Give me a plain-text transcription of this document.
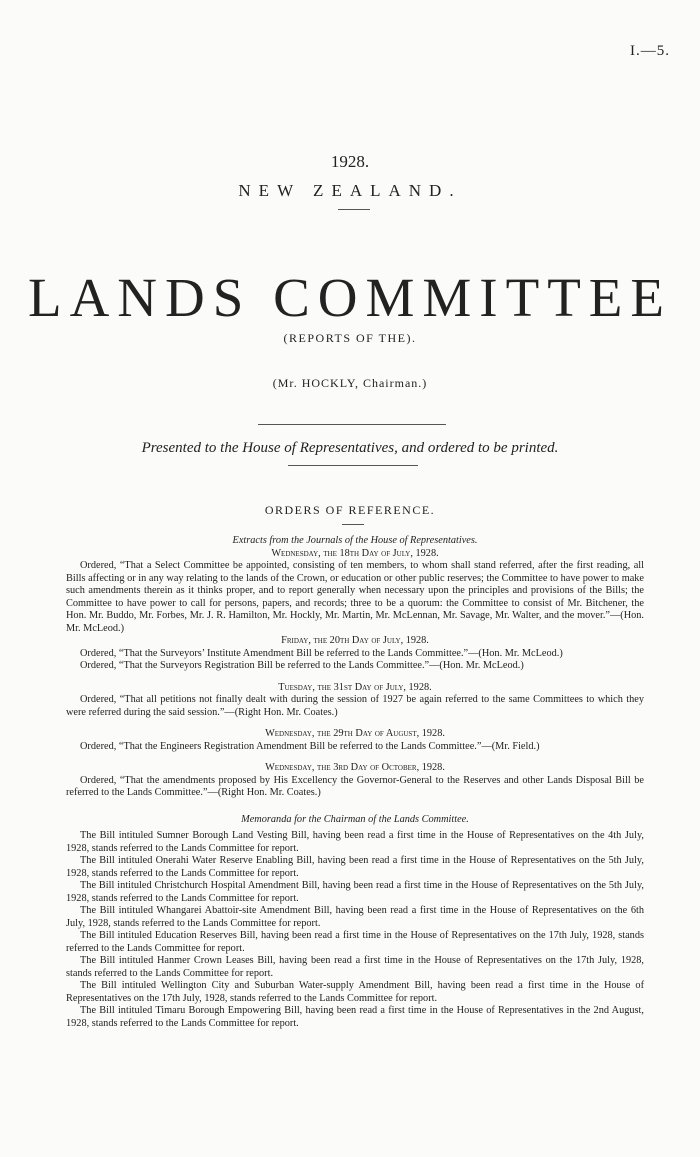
I.—5.
1928.
NEW ZEALAND.
LANDS COMMITTEE
(REPORTS OF THE).
(Mr. HOCKLY, Chairman.)
Presented to the House of Representatives, and ordered to be printed.
ORDERS OF REFERENCE.
Extracts from the Journals of the House of Representatives.
Wednesday, the 18th Day of July, 1928.

Ordered, “That a Select Committee be appointed, consisting of ten members, to whom shall stand referred, after the first reading, all Bills affecting or in any way relating to the lands of the Crown, or education or other public reserves; the Committee to have power to make such amendments therein as it thinks proper, and to report generally when necessary upon the principles and provisions of the Bills; the Committee to have power to call for persons, papers, and records; three to be a quorum: the Committee to consist of Mr. Bitchener, the Hon. Mr. Buddo, Mr. Forbes, Mr. J. R. Hamilton, Mr. Hockly, Mr. Martin, Mr. McLennan, Mr. Savage, Mr. Walter, and the mover.”—(Hon. Mr. McLeod.)

Friday, the 20th Day of July, 1928.

Ordered, “That the Surveyors’ Institute Amendment Bill be referred to the Lands Committee.”—(Hon. Mr. McLeod.)

Ordered, “That the Surveyors Registration Bill be referred to the Lands Committee.”—(Hon. Mr. McLeod.)

Tuesday, the 31st Day of July, 1928.

Ordered, “That all petitions not finally dealt with during the session of 1927 be again referred to the same Committees to which they were referred during the said session.”—(Right Hon. Mr. Coates.)

Wednesday, the 29th Day of August, 1928.

Ordered, “That the Engineers Registration Amendment Bill be referred to the Lands Committee.”—(Mr. Field.)

Wednesday, the 3rd Day of October, 1928.

Ordered, “That the amendments proposed by His Excellency the Governor-General to the Reserves and other Lands Disposal Bill be referred to the Lands Committee.”—(Right Hon. Mr. Coates.)

Memoranda for the Chairman of the Lands Committee.

The Bill intituled Sumner Borough Land Vesting Bill, having been read a first time in the House of Representatives on the 4th July, 1928, stands referred to the Lands Committee for report.

The Bill intituled Onerahi Water Reserve Enabling Bill, having been read a first time in the House of Representatives on the 5th July, 1928, stands referred to the Lands Committee for report.

The Bill intituled Christchurch Hospital Amendment Bill, having been read a first time in the House of Representatives on the 5th July, 1928, stands referred to the Lands Committee for report.

The Bill intituled Whangarei Abattoir-site Amendment Bill, having been read a first time in the House of Representatives on the 6th July, 1928, stands referred to the Lands Committee for report.

The Bill intituled Education Reserves Bill, having been read a first time in the House of Representatives on the 17th July, 1928, stands referred to the Lands Committee for report.

The Bill intituled Hanmer Crown Leases Bill, having been read a first time in the House of Representatives on the 17th July, 1928, stands referred to the Lands Committee for report.

The Bill intituled Wellington City and Suburban Water-supply Amendment Bill, having been read a first time in the House of Representatives on the 17th July, 1928, stands referred to the Lands Committee for report.

The Bill intituled Timaru Borough Empowering Bill, having been read a first time in the House of Representatives in the 2nd August, 1928, stands referred to the Lands Committee for report.
